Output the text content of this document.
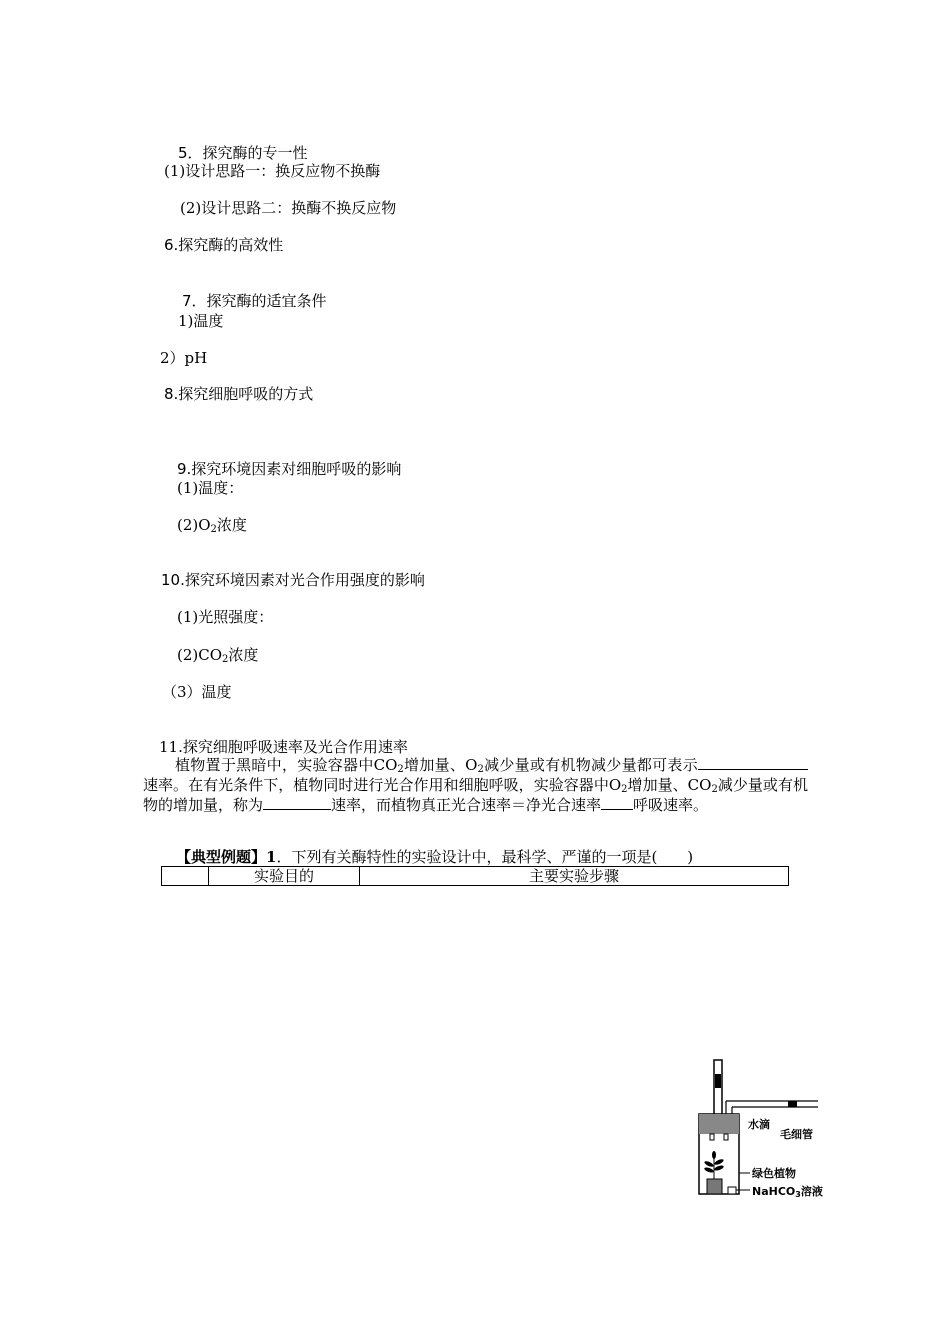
5．探究酶的专一性
(1)设计思路一：换反应物不换酶
(2)设计思路二：换酶不换反应物
6.探究酶的高效性
7．探究酶的适宜条件
1)温度
2）pH
8.探究细胞呼吸的方式
9.探究环境因素对细胞呼吸的影响
(1)温度：
$(2)O_2$浓度
10.探究环境因素对光合作用强度的影响
(1)光照强度：
$(2)CO_2$浓度
（3）温度
11.探究细胞呼吸速率及光合作用速率
植物置于黑暗中，实验容器中$CO_2$增加量、$O_2$减少量或有机物减少量都可表示速率。在有光条件下，植物同时进行光合作用和细胞呼吸，实验容器中$O_2$增加量、$CO_2$减少量或有机物的增加量，称为	速率，而植物真正光合速率＝净光合速率 呼吸速率。
【典型例题】1．下列有关酶特性的实验设计中，最科学、严谨的一项是(　　)
	实验目的	主要实验步骤
水滴
毛细管
绿色植物
NaHCO3溶液
